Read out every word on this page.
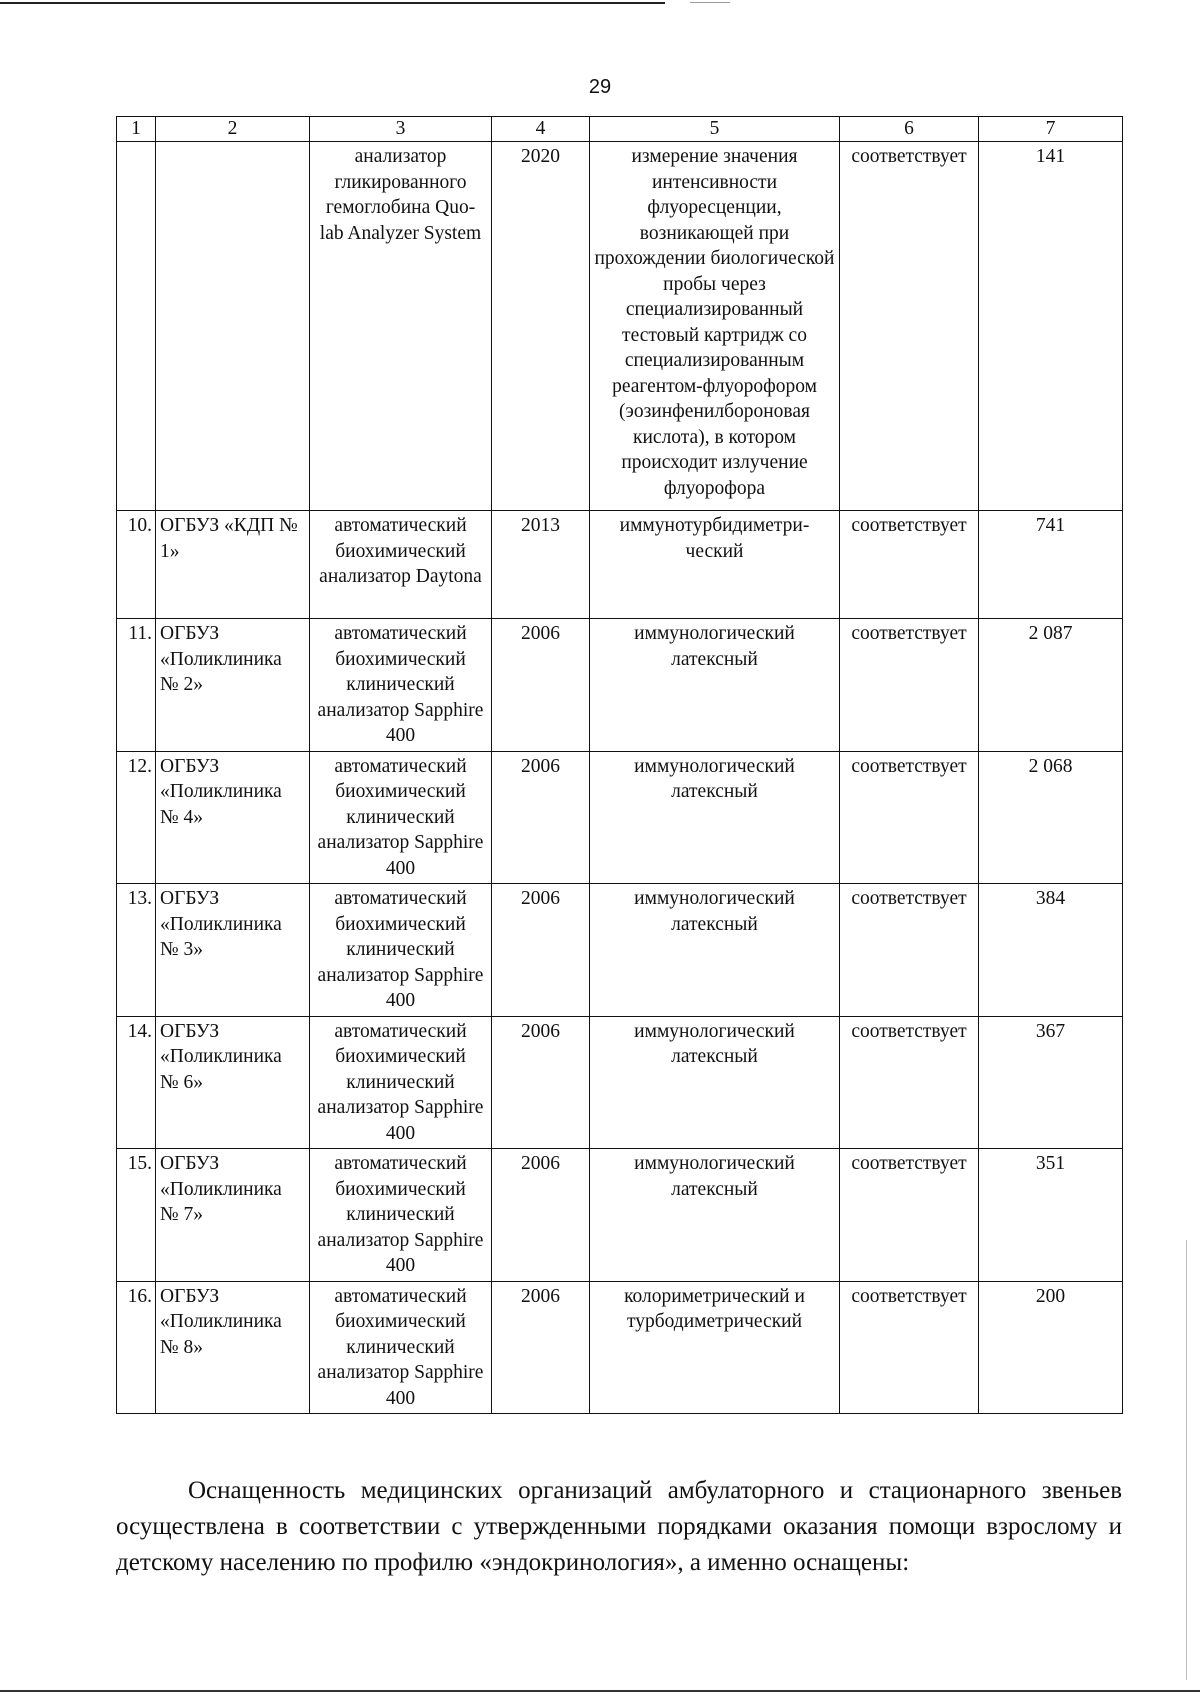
29
1	2	3	4	5	6	7
		анализатор гликированного гемоглобина Quo-lab Analyzer System	2020	измерение значения интенсивности флуоресценции, возникающей при прохождении биологической пробы через специализированный тестовый картридж со специализированным реагентом-флуорофором (эозинфенилбороновая кислота), в котором происходит излучение флуорофора	соответствует	141
10.	ОГБУЗ «КДП № 1»	автоматический биохимический анализатор Daytona	2013	иммунотурбидиметри-ческий	соответствует	741
11.	ОГБУЗ «Поликлиника № 2»	автоматический биохимический клинический анализатор Sapphire 400	2006	иммунологический латексный	соответствует	2 087
12.	ОГБУЗ «Поликлиника № 4»	автоматический биохимический клинический анализатор Sapphire 400	2006	иммунологический латексный	соответствует	2 068
13.	ОГБУЗ «Поликлиника № 3»	автоматический биохимический клинический анализатор Sapphire 400	2006	иммунологический латексный	соответствует	384
14.	ОГБУЗ «Поликлиника № 6»	автоматический биохимический клинический анализатор Sapphire 400	2006	иммунологический латексный	соответствует	367
15.	ОГБУЗ «Поликлиника № 7»	автоматический биохимический клинический анализатор Sapphire 400	2006	иммунологический латексный	соответствует	351
16.	ОГБУЗ «Поликлиника № 8»	автоматический биохимический клинический анализатор Sapphire 400	2006	колориметрический и турбодиметрический	соответствует	200

Оснащенность медицинских организаций амбулаторного и стационарного звеньев осуществлена в соответствии с утвержденными порядками оказания помощи взрослому и детскому населению по профилю «эндокринология», а именно оснащены:
